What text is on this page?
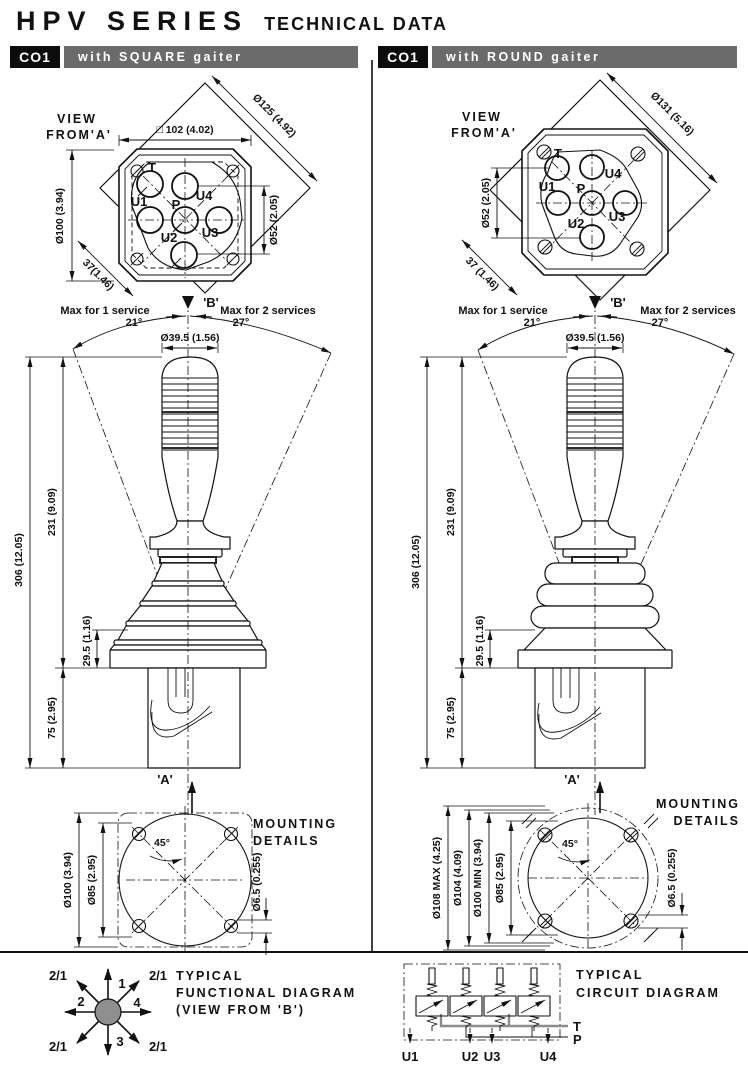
HPV SERIES TECHNICAL DATA
CO1	with SQUARE gaiter	CO1	with ROUND gaiter
VIEW
FROM'A'	Ø125 (4.92)
37(1.46)
T
U4
U1 P
U3
U2
□ 102 (4.02)
Ø100 (3.94)	Ø52 (2.05)
'B'
Max for 1 service
21°
Max for 2 services
27°
Ø39.5 (1.56)
306 (12.05)
231 (9.09)
75 (2.95)
29.5 (1.16)
'A'
45°
Ø100 (3.94) Ø85 (2.95)	Ø6.5 (0.255)
MOUNTING
DETAILS
VIEW
FROM'A'	Ø131 (5.16)
37 (1.46)
T
U4
U1 P
U3
U2
Ø52 (2.05)
'B'
Max for 1 service
21°
Max for 2 services
27°
Ø39.5 (1.56)
306 (12.05)
231 (9.09)
75 (2.95)
29.5 (1.16)
'A'
45°
Ø108 MAX (4.25) Ø104 (4.09) Ø100 MIN (3.94) Ø85 (2.95)	Ø6.5 (0.255)
MOUNTING
DETAILS
1
2
3
4
2/1	2/1
2/1	2/1
TYPICAL
FUNCTIONAL DIAGRAM
(VIEW FROM 'B')
U1	U2 U3	U4
T
P
TYPICAL
CIRCUIT DIAGRAM
